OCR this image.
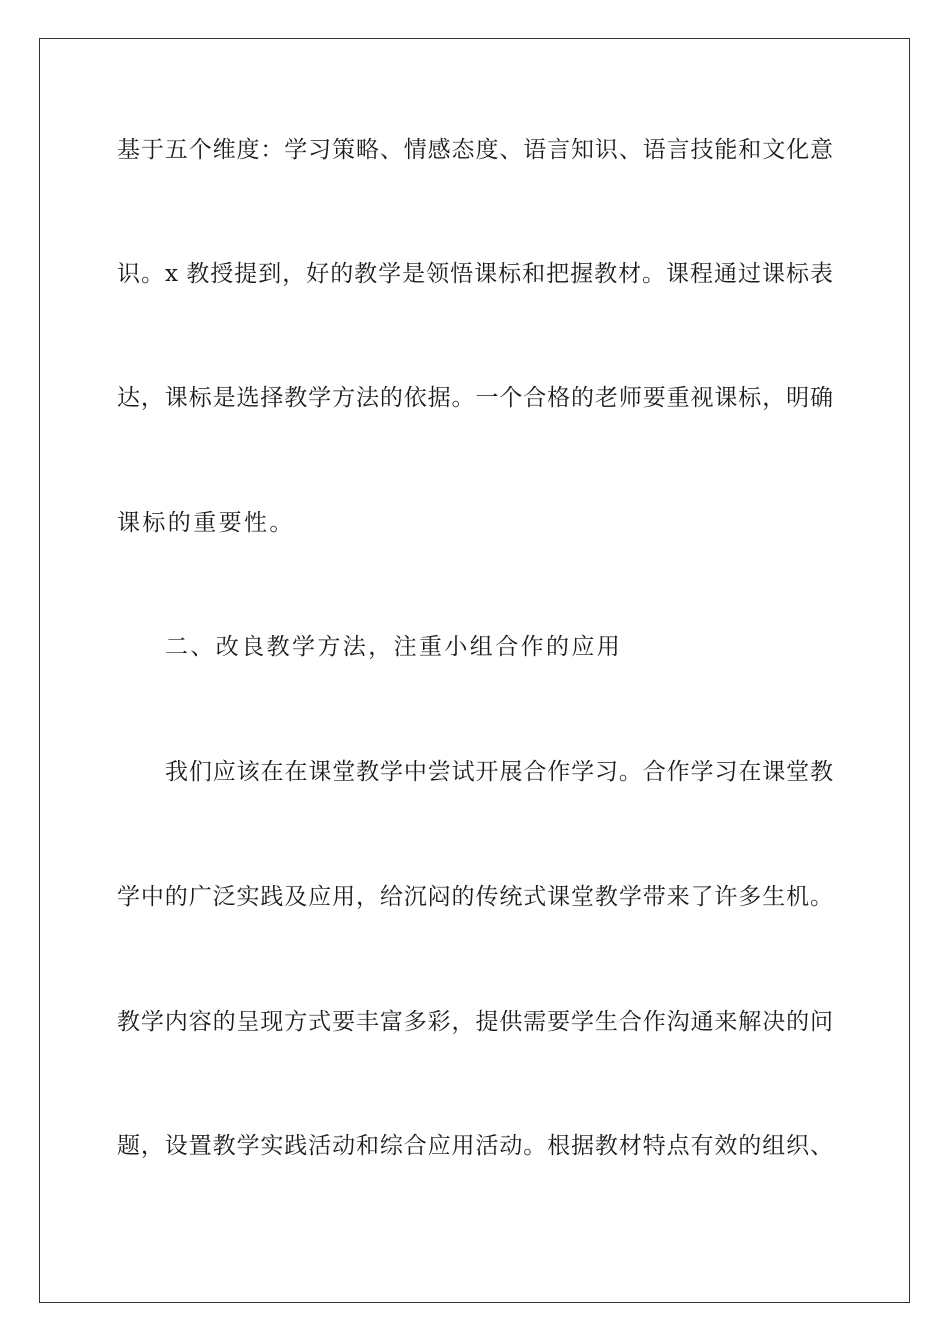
基于五个维度：学习策略、情感态度、语言知识、语言技能和文化意
识。x 教授提到，好的教学是领悟课标和把握教材。课程通过课标表
达，课标是选择教学方法的依据。一个合格的老师要重视课标，明确
课标的重要性。
二、改良教学方法，注重小组合作的应用
我们应该在在课堂教学中尝试开展合作学习。合作学习在课堂教
学中的广泛实践及应用，给沉闷的传统式课堂教学带来了许多生机。
教学内容的呈现方式要丰富多彩，提供需要学生合作沟通来解决的问
题，设置教学实践活动和综合应用活动。根据教材特点有效的组织、
